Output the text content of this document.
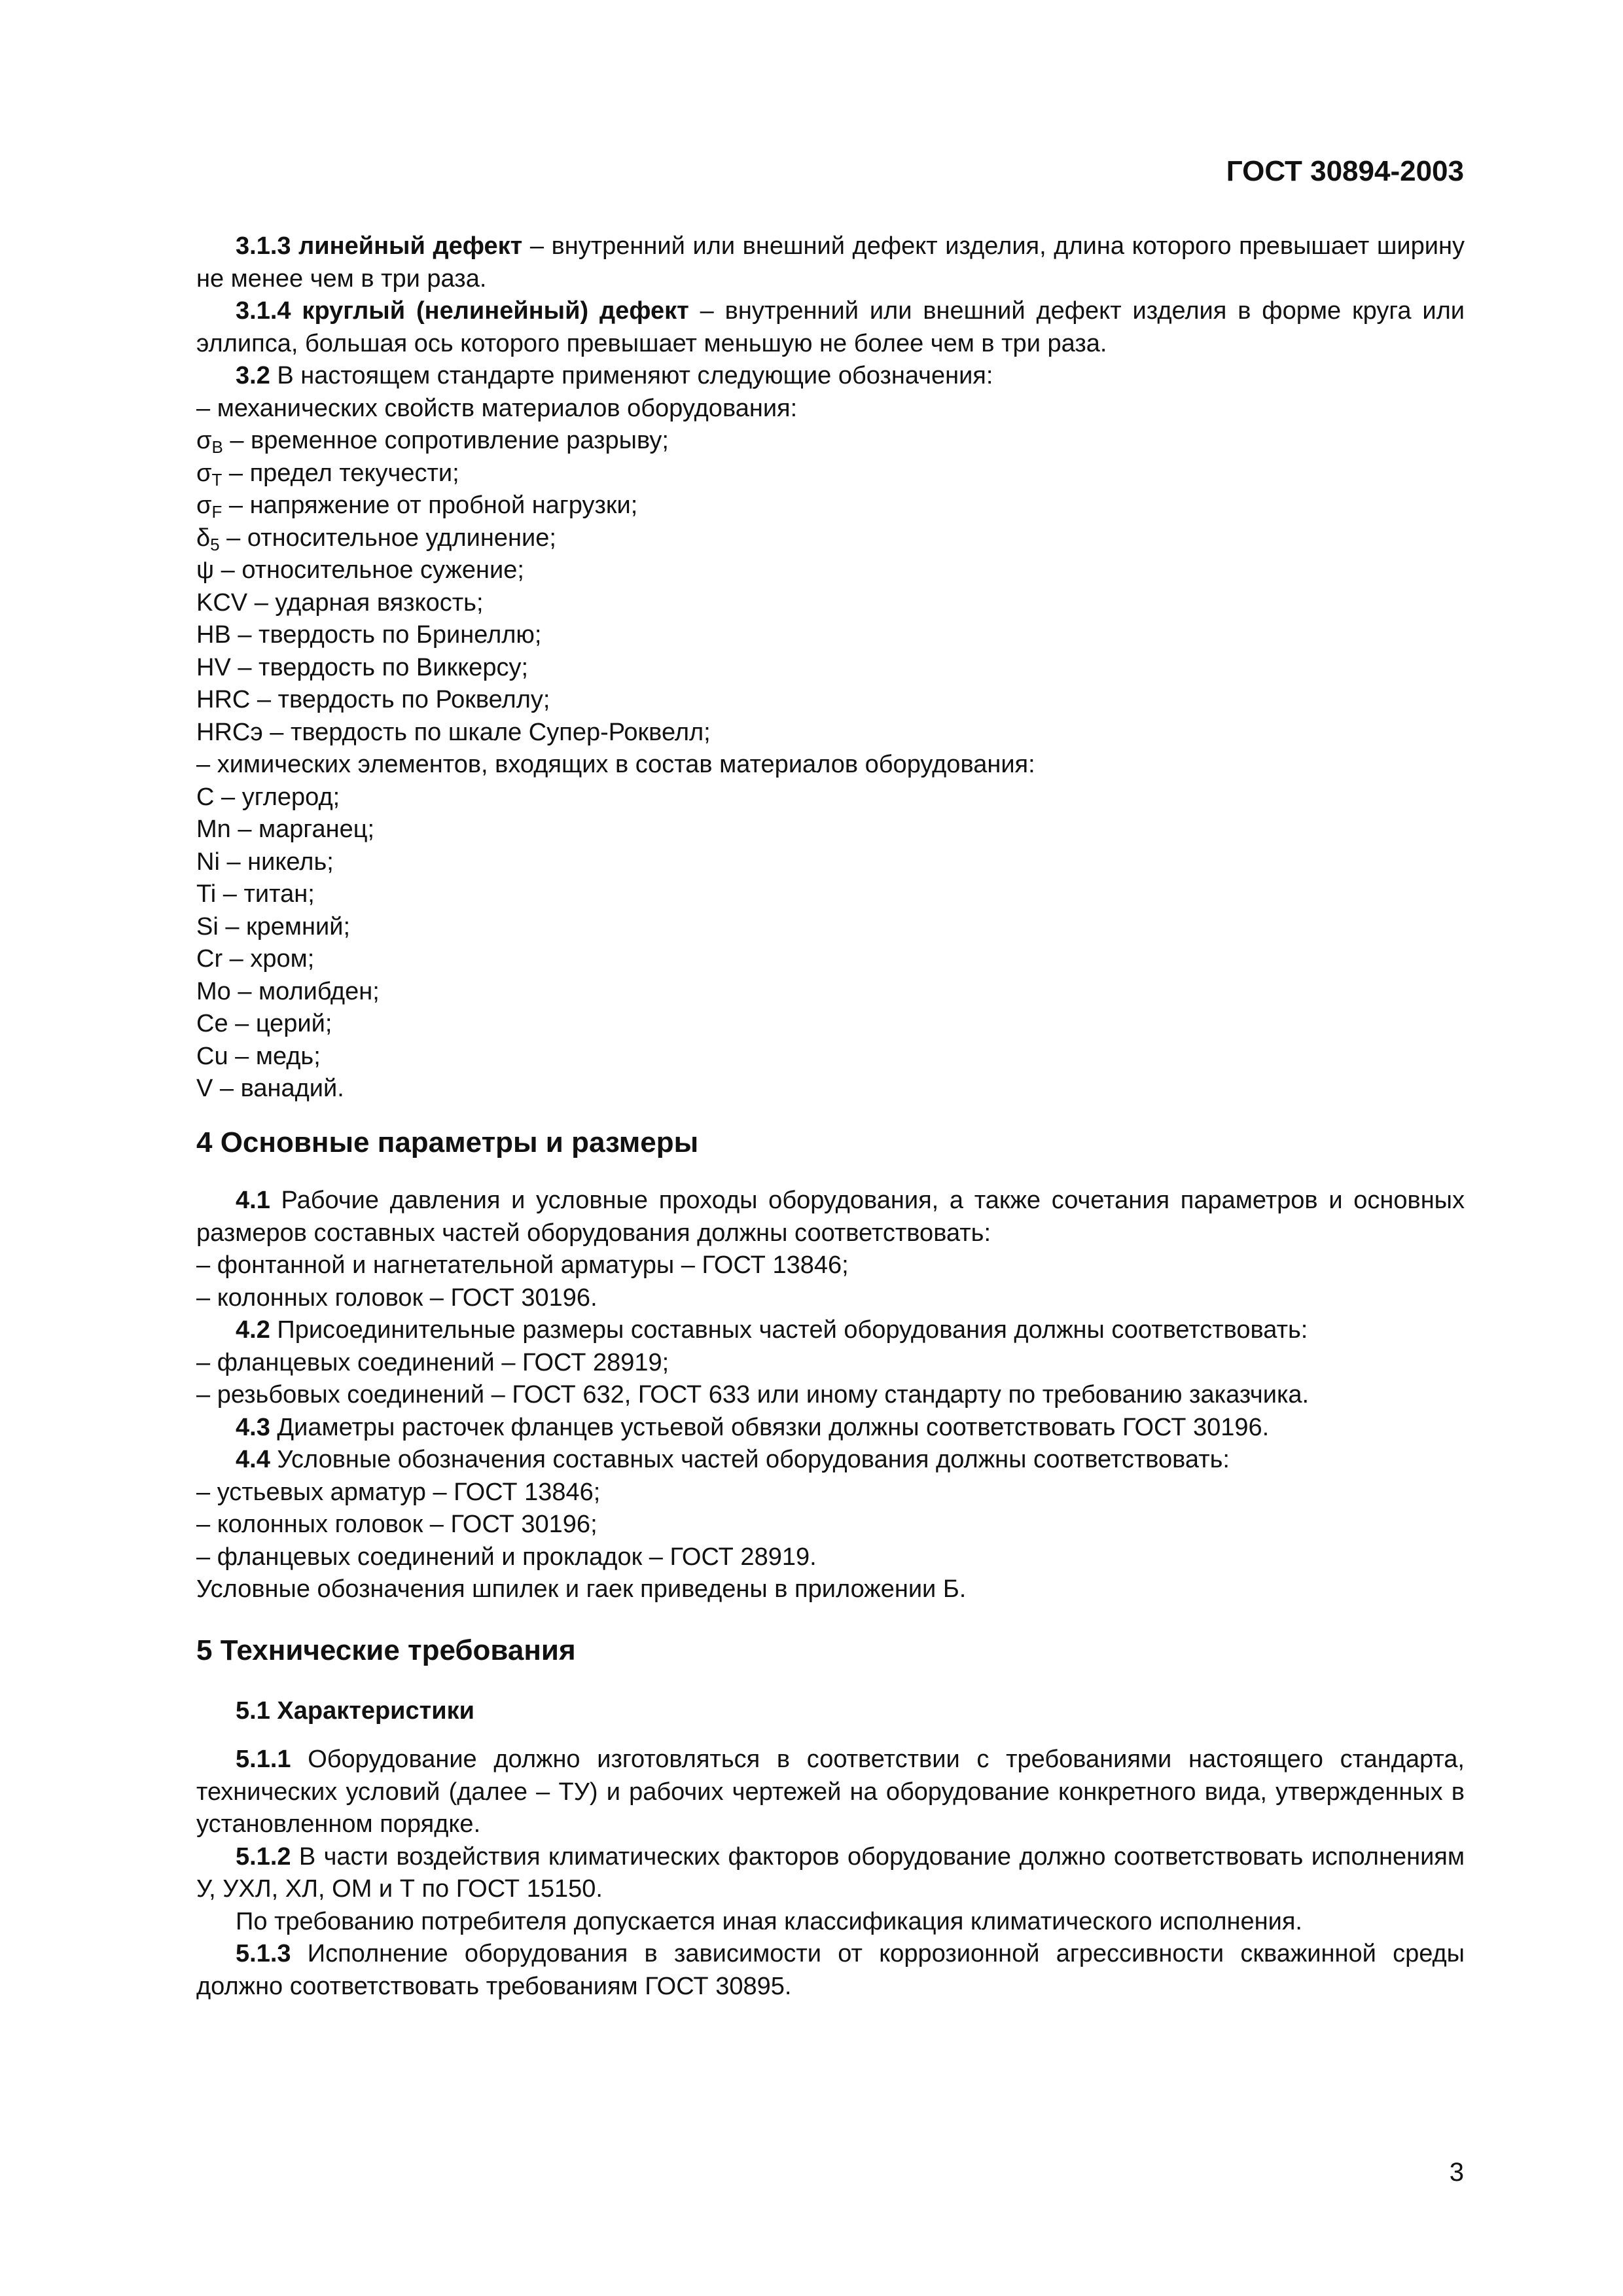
ГОСТ 30894-2003

3.1.3 линейный дефект – внутренний или внешний дефект изделия, длина которого превышает ширину не менее чем в три раза.

3.1.4 круглый (нелинейный) дефект – внутренний или внешний дефект изделия в форме круга или эллипса, большая ось которого превышает меньшую не более чем в три раза.

3.2 В настоящем стандарте применяют следующие обозначения:

– механических свойств материалов оборудования:

$\sigma_В$ – временное сопротивление разрыву;

$\sigma_Т$ – предел текучести;

$\sigma_F$ – напряжение от пробной нагрузки;

$\delta_5$ – относительное удлинение;

ψ – относительное сужение;

KCV – ударная вязкость;

HB – твердость по Бринеллю;

HV – твердость по Виккерсу;

HRC – твердость по Роквеллу;

HRCэ – твердость по шкале Супер-Роквелл;

– химических элементов, входящих в состав материалов оборудования:

C – углерод;

Mn – марганец;

Ni – никель;

Ti – титан;

Si – кремний;

Cr – хром;

Mo – молибден;

Ce – церий;

Cu – медь;

V – ванадий.

4 Основные параметры и размеры

4.1 Рабочие давления и условные проходы оборудования, а также сочетания параметров и основных размеров составных частей оборудования должны соответствовать:

– фонтанной и нагнетательной арматуры – ГОСТ 13846;

– колонных головок – ГОСТ 30196.

4.2 Присоединительные размеры составных частей оборудования должны соответствовать:

– фланцевых соединений – ГОСТ 28919;

– резьбовых соединений – ГОСТ 632, ГОСТ 633 или иному стандарту по требованию заказчика.

4.3 Диаметры расточек фланцев устьевой обвязки должны соответствовать ГОСТ 30196.

4.4 Условные обозначения составных частей оборудования должны соответствовать:

– устьевых арматур – ГОСТ 13846;

– колонных головок – ГОСТ 30196;

– фланцевых соединений и прокладок – ГОСТ 28919.

Условные обозначения шпилек и гаек приведены в приложении Б.

5 Технические требования
5.1 Характеристики

5.1.1 Оборудование должно изготовляться в соответствии с требованиями настоящего стандарта, технических условий (далее – ТУ) и рабочих чертежей на оборудование конкретного вида, утвержденных в установленном порядке.

5.1.2 В части воздействия климатических факторов оборудование должно соответствовать исполнениям У, УХЛ, ХЛ, ОМ и Т по ГОСТ 15150.

По требованию потребителя допускается иная классификация климатического исполнения.

5.1.3 Исполнение оборудования в зависимости от коррозионной агрессивности скважинной среды должно соответствовать требованиям ГОСТ 30895.

3
